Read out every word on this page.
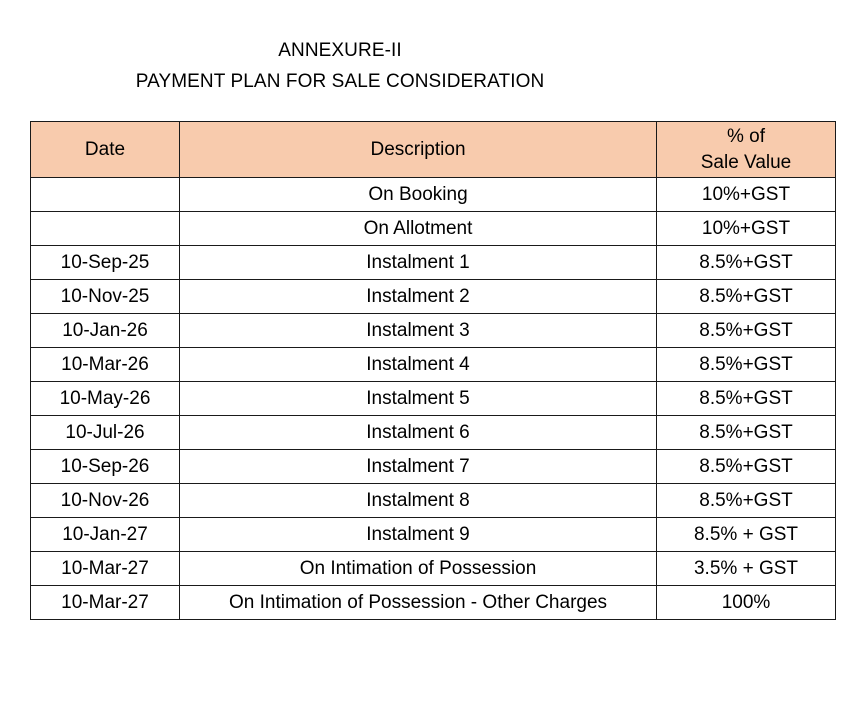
ANNEXURE-II
PAYMENT PLAN FOR SALE CONSIDERATION
Date	Description	% of
Sale Value

	On Booking	10%+GST
	On Allotment	10%+GST
10-Sep-25	Instalment 1	8.5%+GST
10-Nov-25	Instalment 2	8.5%+GST
10-Jan-26	Instalment 3	8.5%+GST
10-Mar-26	Instalment 4	8.5%+GST
10-May-26	Instalment 5	8.5%+GST
10-Jul-26	Instalment 6	8.5%+GST
10-Sep-26	Instalment 7	8.5%+GST
10-Nov-26	Instalment 8	8.5%+GST
10-Jan-27	Instalment 9	8.5% + GST
10-Mar-27	On Intimation of Possession	3.5% + GST
10-Mar-27	On Intimation of Possession - Other Charges	100%
